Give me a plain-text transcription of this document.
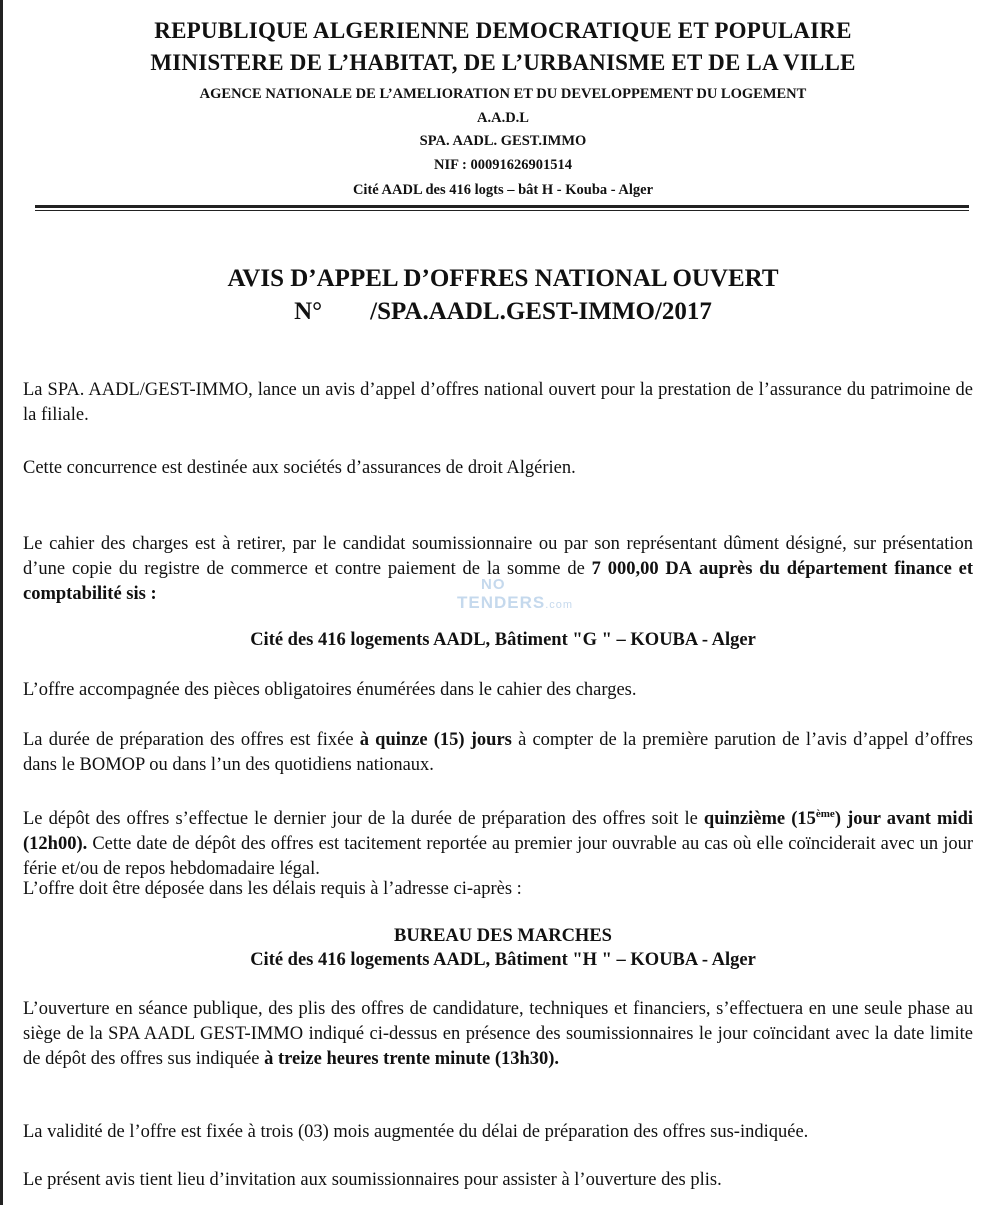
REPUBLIQUE ALGERIENNE DEMOCRATIQUE ET POPULAIRE
MINISTERE DE L’HABITAT, DE L’URBANISME ET DE LA VILLE
AGENCE NATIONALE DE L’AMELIORATION ET DU DEVELOPPEMENT DU LOGEMENT
A.A.D.L
SPA. AADL. GEST.IMMO
NIF : 00091626901514
Cité AADL des 416 logts – bât H - Kouba - Alger
AVIS D’APPEL D’OFFRES NATIONAL OUVERT
N° /SPA.AADL.GEST-IMMO/2017
NO
TENDERS.com
La SPA. AADL/GEST-IMMO, lance un avis d’appel d’offres national ouvert pour la prestation de l’assurance du patrimoine de la filiale.
Cette concurrence est destinée aux sociétés d’assurances de droit Algérien.
Le cahier des charges est à retirer, par le candidat soumissionnaire ou par son représentant dûment désigné, sur présentation d’une copie du registre de commerce et contre paiement de la somme de 7 000,00 DA auprès du département finance et comptabilité sis :
Cité des 416 logements AADL, Bâtiment "G " – KOUBA - Alger
L’offre accompagnée des pièces obligatoires énumérées dans le cahier des charges.
La durée de préparation des offres est fixée à quinze (15) jours à compter de la première parution de l’avis d’appel d’offres dans le BOMOP ou dans l’un des quotidiens nationaux.
Le dépôt des offres s’effectue le dernier jour de la durée de préparation des offres soit le quinzième (15ème) jour avant midi (12h00). Cette date de dépôt des offres est tacitement reportée au premier jour ouvrable au cas où elle coïnciderait avec un jour férie et/ou de repos hebdomadaire légal.
L’offre doit être déposée dans les délais requis à l’adresse ci-après :
BUREAU DES MARCHES
Cité des 416 logements AADL, Bâtiment "H " – KOUBA - Alger
L’ouverture en séance publique, des plis des offres de candidature, techniques et financiers, s’effectuera en une seule phase au siège de la SPA AADL GEST-IMMO indiqué ci-dessus en présence des soumissionnaires le jour coïncidant avec la date limite de dépôt des offres sus indiquée à treize heures trente minute (13h30).
La validité de l’offre est fixée à trois (03) mois augmentée du délai de préparation des offres sus-indiquée.
Le présent avis tient lieu d’invitation aux soumissionnaires pour assister à l’ouverture des plis.
